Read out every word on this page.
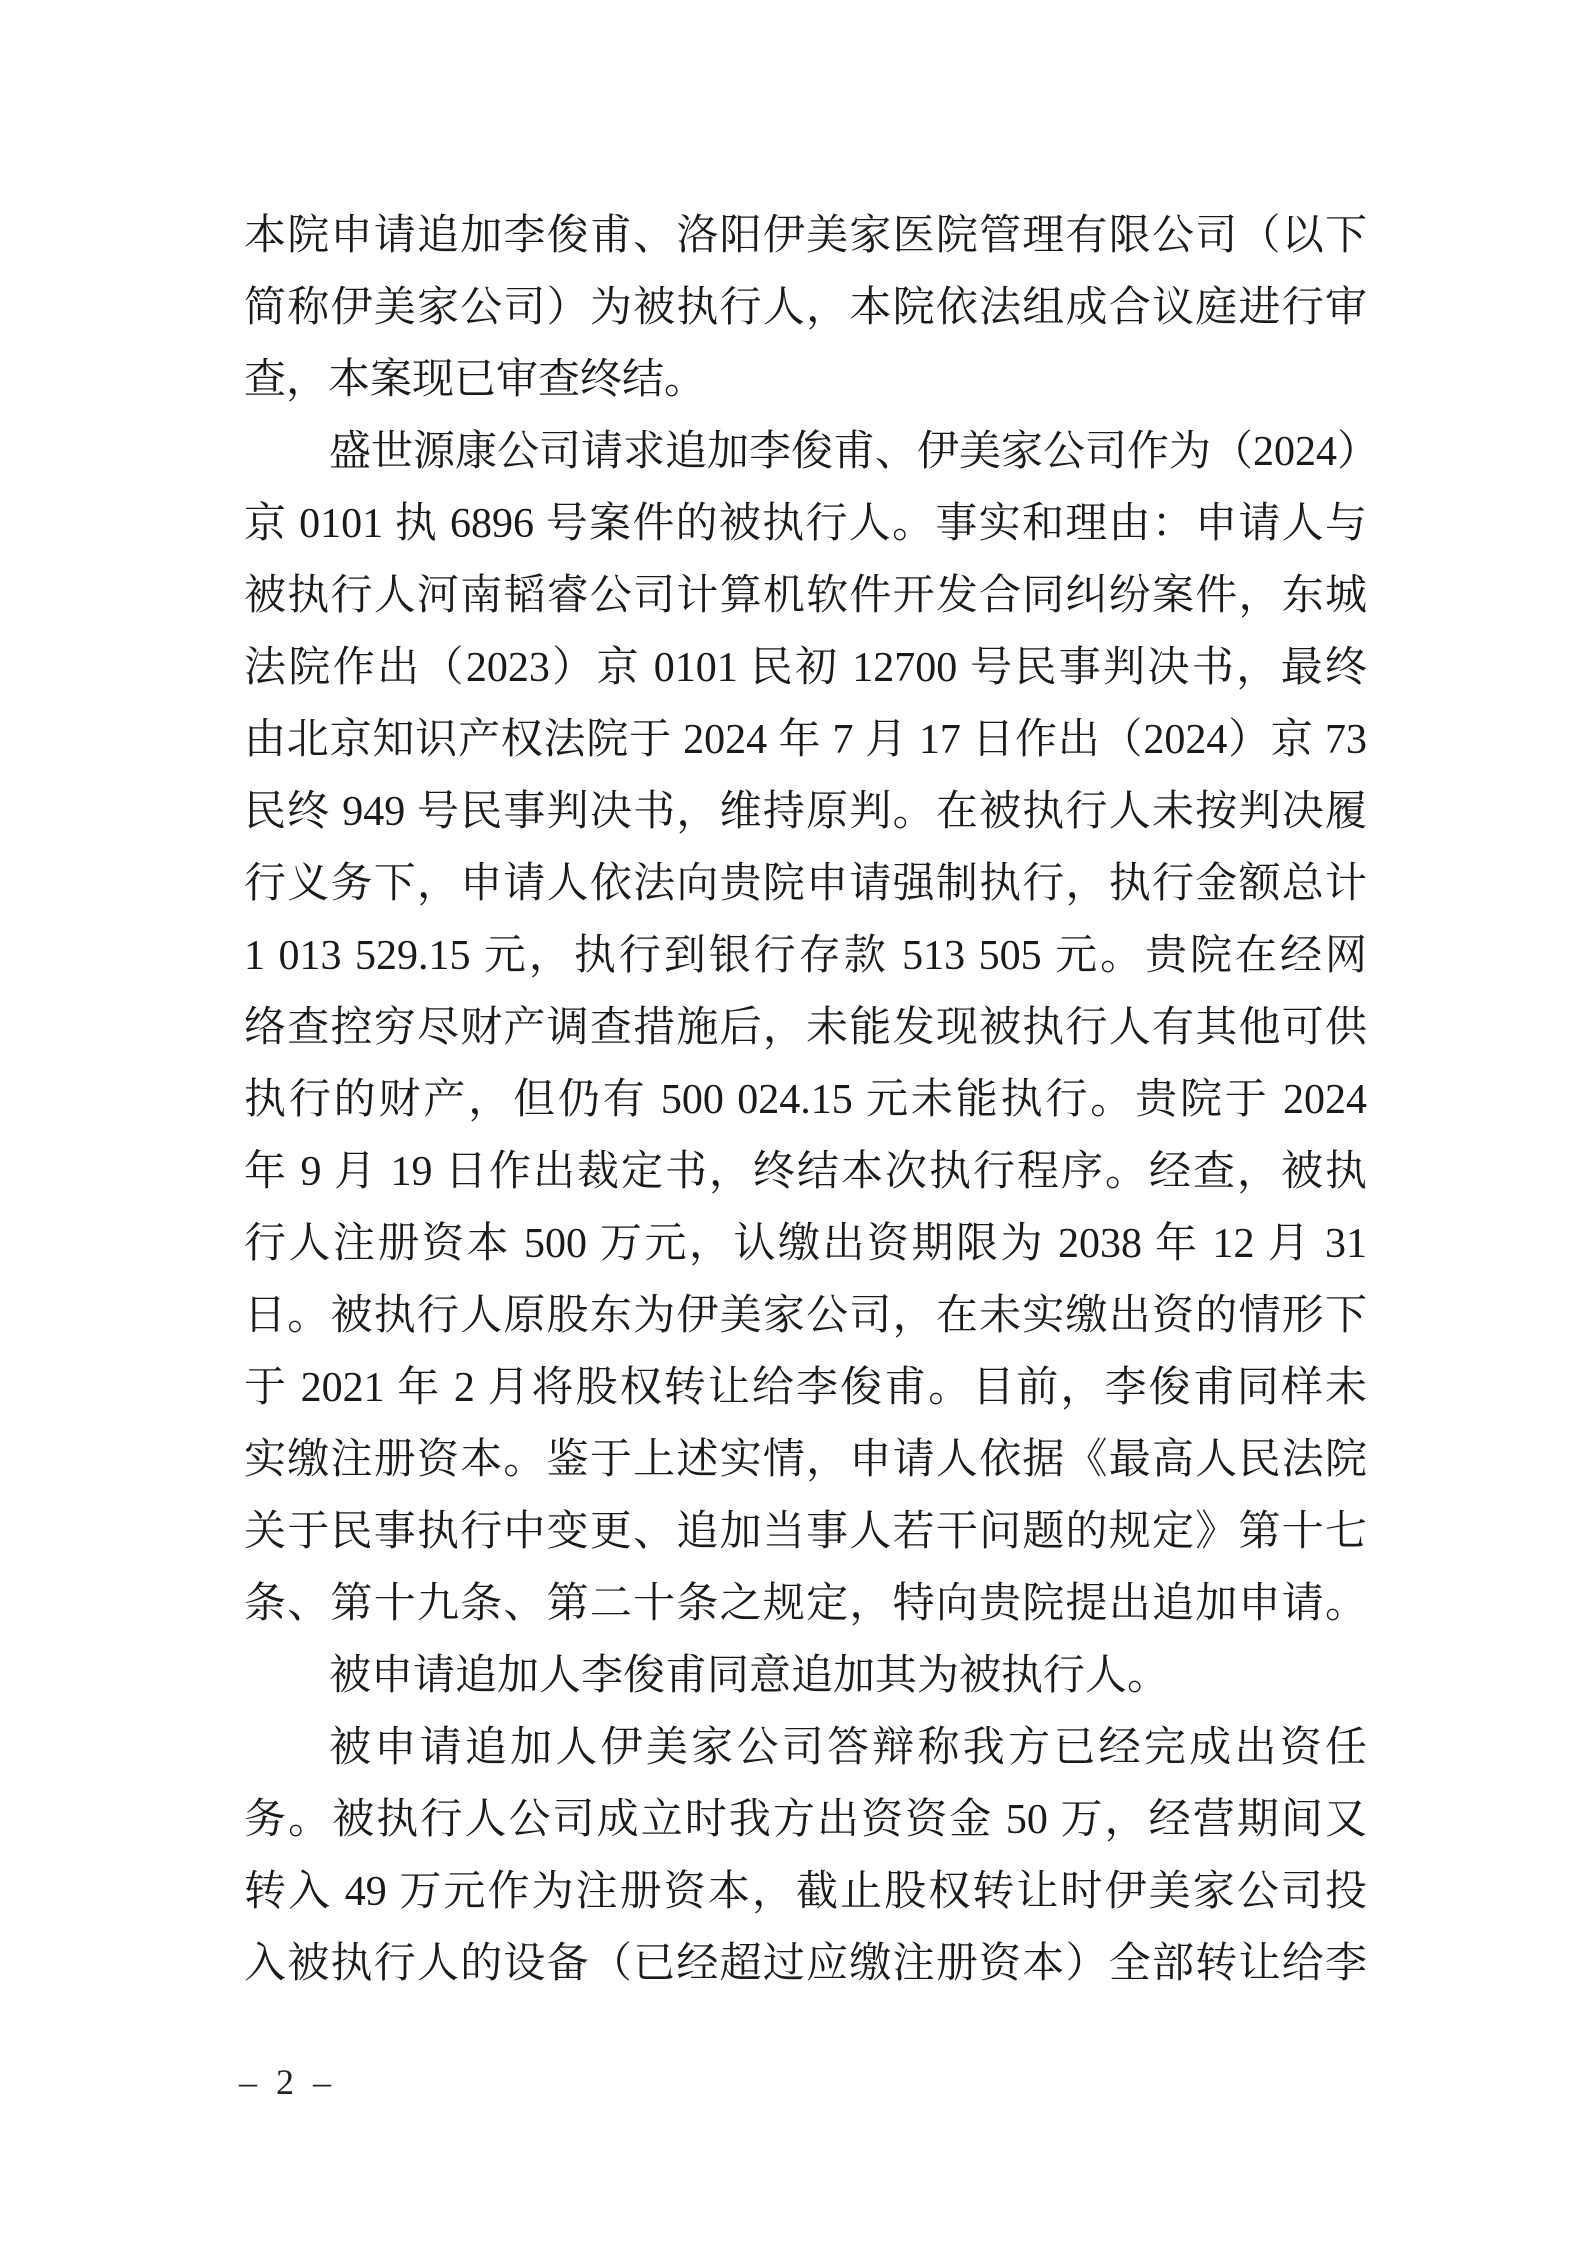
本院申请追加李俊甫、洛阳伊美家医院管理有限公司（以下
简称伊美家公司）为被执行人，本院依法组成合议庭进行审
查，本案现已审查终结。
盛世源康公司请求追加李俊甫、伊美家公司作为（2024）
京 0101 执 6896 号案件的被执行人。事实和理由：申请人与
被执行人河南韬睿公司计算机软件开发合同纠纷案件，东城
法院作出（2023）京 0101 民初 12700 号民事判决书，最终
由北京知识产权法院于 2024 年 7 月 17 日作出（2024）京 73
民终 949 号民事判决书，维持原判。在被执行人未按判决履
行义务下，申请人依法向贵院申请强制执行，执行金额总计
1 013 529.15 元，执行到银行存款 513 505 元。贵院在经网
络查控穷尽财产调查措施后，未能发现被执行人有其他可供
执行的财产，但仍有 500 024.15 元未能执行。贵院于 2024
年 9 月 19 日作出裁定书，终结本次执行程序。经查，被执
行人注册资本 500 万元，认缴出资期限为 2038 年 12 月 31
日。被执行人原股东为伊美家公司，在未实缴出资的情形下
于 2021 年 2 月将股权转让给李俊甫。目前，李俊甫同样未
实缴注册资本。鉴于上述实情，申请人依据《最高人民法院
关于民事执行中变更、追加当事人若干问题的规定》第十七
条、第十九条、第二十条之规定，特向贵院提出追加申请。
被申请追加人李俊甫同意追加其为被执行人。
被申请追加人伊美家公司答辩称我方已经完成出资任
务。被执行人公司成立时我方出资资金 50 万，经营期间又
转入 49 万元作为注册资本，截止股权转让时伊美家公司投
入被执行人的设备（已经超过应缴注册资本）全部转让给李
– 2 –
